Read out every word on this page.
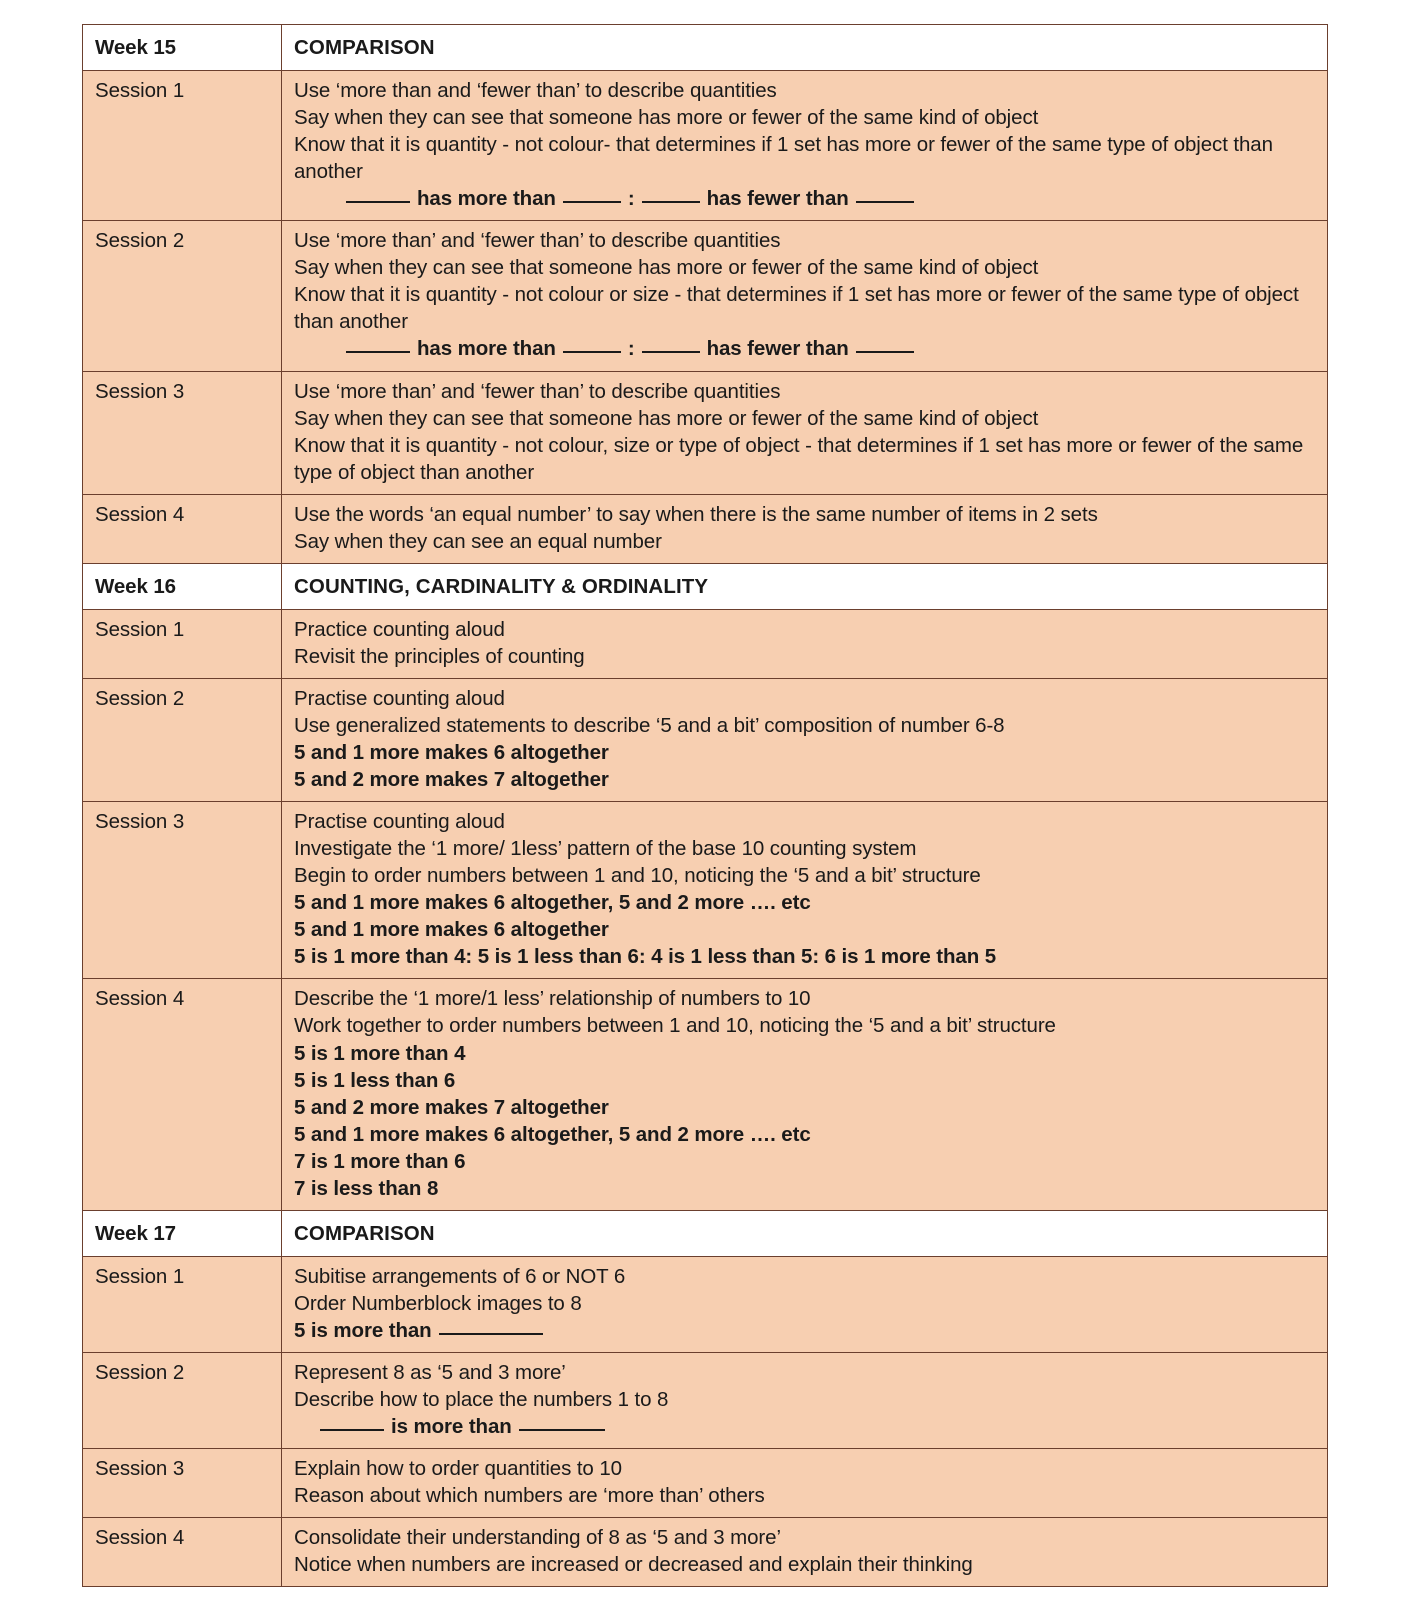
Week 15	COMPARISON
Session 1	Use ‘more than and ‘fewer than’ to describe quantities
Say when they can see that someone has more or fewer of the same kind of object
Know that it is quantity - not colour- that determines if 1 set has more or fewer of the same type of object than another
has more than : has fewer than

Session 2	Use ‘more than’ and ‘fewer than’ to describe quantities
Say when they can see that someone has more or fewer of the same kind of object
Know that it is quantity - not colour or size - that determines if 1 set has more or fewer of the same type of object than another
has more than : has fewer than

Session 3	Use ‘more than’ and ‘fewer than’ to describe quantities
Say when they can see that someone has more or fewer of the same kind of object
Know that it is quantity - not colour, size or type of object - that determines if 1 set has more or fewer of the same type of object than another

Session 4	Use the words ‘an equal number’ to say when there is the same number of items in 2 sets
Say when they can see an equal number

Week 16	COUNTING, CARDINALITY & ORDINALITY
Session 1	Practice counting aloud
Revisit the principles of counting

Session 2	Practise counting aloud
Use generalized statements to describe ‘5 and a bit’ composition of number 6-8
5 and 1 more makes 6 altogether
5 and 2 more makes 7 altogether

Session 3	Practise counting aloud
Investigate the ‘1 more/ 1less’ pattern of the base 10 counting system
Begin to order numbers between 1 and 10, noticing the ‘5 and a bit’ structure
5 and 1 more makes 6 altogether, 5 and 2 more …. etc
5 and 1 more makes 6 altogether
5 is 1 more than 4: 5 is 1 less than 6: 4 is 1 less than 5: 6 is 1 more than 5

Session 4	Describe the ‘1 more/1 less’ relationship of numbers to 10
Work together to order numbers between 1 and 10, noticing the ‘5 and a bit’ structure
5 is 1 more than 4
5 is 1 less than 6
5 and 2 more makes 7 altogether
5 and 1 more makes 6 altogether, 5 and 2 more …. etc
7 is 1 more than 6
7 is less than 8

Week 17	COMPARISON
Session 1	Subitise arrangements of 6 or NOT 6
Order Numberblock images to 8
5 is more than

Session 2	Represent 8 as ‘5 and 3 more’
Describe how to place the numbers 1 to 8
is more than

Session 3	Explain how to order quantities to 10
Reason about which numbers are ‘more than’ others

Session 4	Consolidate their understanding of 8 as ‘5 and 3 more’
Notice when numbers are increased or decreased and explain their thinking
